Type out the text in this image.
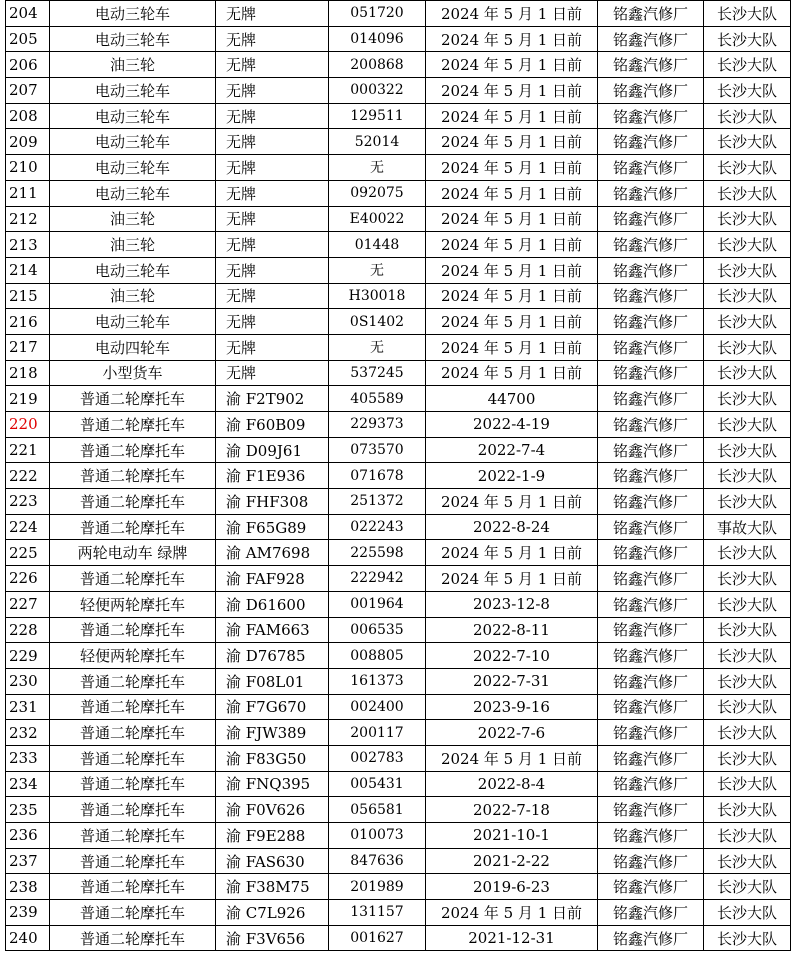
204	电动三轮车	无牌	051720	2024 年 5 月 1 日前	铭鑫汽修厂	长沙大队
205	电动三轮车	无牌	014096	2024 年 5 月 1 日前	铭鑫汽修厂	长沙大队
206	油三轮	无牌	200868	2024 年 5 月 1 日前	铭鑫汽修厂	长沙大队
207	电动三轮车	无牌	000322	2024 年 5 月 1 日前	铭鑫汽修厂	长沙大队
208	电动三轮车	无牌	129511	2024 年 5 月 1 日前	铭鑫汽修厂	长沙大队
209	电动三轮车	无牌	52014	2024 年 5 月 1 日前	铭鑫汽修厂	长沙大队
210	电动三轮车	无牌	无	2024 年 5 月 1 日前	铭鑫汽修厂	长沙大队
211	电动三轮车	无牌	092075	2024 年 5 月 1 日前	铭鑫汽修厂	长沙大队
212	油三轮	无牌	E40022	2024 年 5 月 1 日前	铭鑫汽修厂	长沙大队
213	油三轮	无牌	01448	2024 年 5 月 1 日前	铭鑫汽修厂	长沙大队
214	电动三轮车	无牌	无	2024 年 5 月 1 日前	铭鑫汽修厂	长沙大队
215	油三轮	无牌	H30018	2024 年 5 月 1 日前	铭鑫汽修厂	长沙大队
216	电动三轮车	无牌	0S1402	2024 年 5 月 1 日前	铭鑫汽修厂	长沙大队
217	电动四轮车	无牌	无	2024 年 5 月 1 日前	铭鑫汽修厂	长沙大队
218	小型货车	无牌	537245	2024 年 5 月 1 日前	铭鑫汽修厂	长沙大队
219	普通二轮摩托车	渝 F2T902	405589	44700	铭鑫汽修厂	长沙大队
220	普通二轮摩托车	渝 F60B09	229373	2022-4-19	铭鑫汽修厂	长沙大队
221	普通二轮摩托车	渝 D09J61	073570	2022-7-4	铭鑫汽修厂	长沙大队
222	普通二轮摩托车	渝 F1E936	071678	2022-1-9	铭鑫汽修厂	长沙大队
223	普通二轮摩托车	渝 FHF308	251372	2024 年 5 月 1 日前	铭鑫汽修厂	长沙大队
224	普通二轮摩托车	渝 F65G89	022243	2022-8-24	铭鑫汽修厂	事故大队
225	两轮电动车 绿牌	渝 AM7698	225598	2024 年 5 月 1 日前	铭鑫汽修厂	长沙大队
226	普通二轮摩托车	渝 FAF928	222942	2024 年 5 月 1 日前	铭鑫汽修厂	长沙大队
227	轻便两轮摩托车	渝 D61600	001964	2023-12-8	铭鑫汽修厂	长沙大队
228	普通二轮摩托车	渝 FAM663	006535	2022-8-11	铭鑫汽修厂	长沙大队
229	轻便两轮摩托车	渝 D76785	008805	2022-7-10	铭鑫汽修厂	长沙大队
230	普通二轮摩托车	渝 F08L01	161373	2022-7-31	铭鑫汽修厂	长沙大队
231	普通二轮摩托车	渝 F7G670	002400	2023-9-16	铭鑫汽修厂	长沙大队
232	普通二轮摩托车	渝 FJW389	200117	2022-7-6	铭鑫汽修厂	长沙大队
233	普通二轮摩托车	渝 F83G50	002783	2024 年 5 月 1 日前	铭鑫汽修厂	长沙大队
234	普通二轮摩托车	渝 FNQ395	005431	2022-8-4	铭鑫汽修厂	长沙大队
235	普通二轮摩托车	渝 F0V626	056581	2022-7-18	铭鑫汽修厂	长沙大队
236	普通二轮摩托车	渝 F9E288	010073	2021-10-1	铭鑫汽修厂	长沙大队
237	普通二轮摩托车	渝 FAS630	847636	2021-2-22	铭鑫汽修厂	长沙大队
238	普通二轮摩托车	渝 F38M75	201989	2019-6-23	铭鑫汽修厂	长沙大队
239	普通二轮摩托车	渝 C7L926	131157	2024 年 5 月 1 日前	铭鑫汽修厂	长沙大队
240	普通二轮摩托车	渝 F3V656	001627	2021-12-31	铭鑫汽修厂	长沙大队
